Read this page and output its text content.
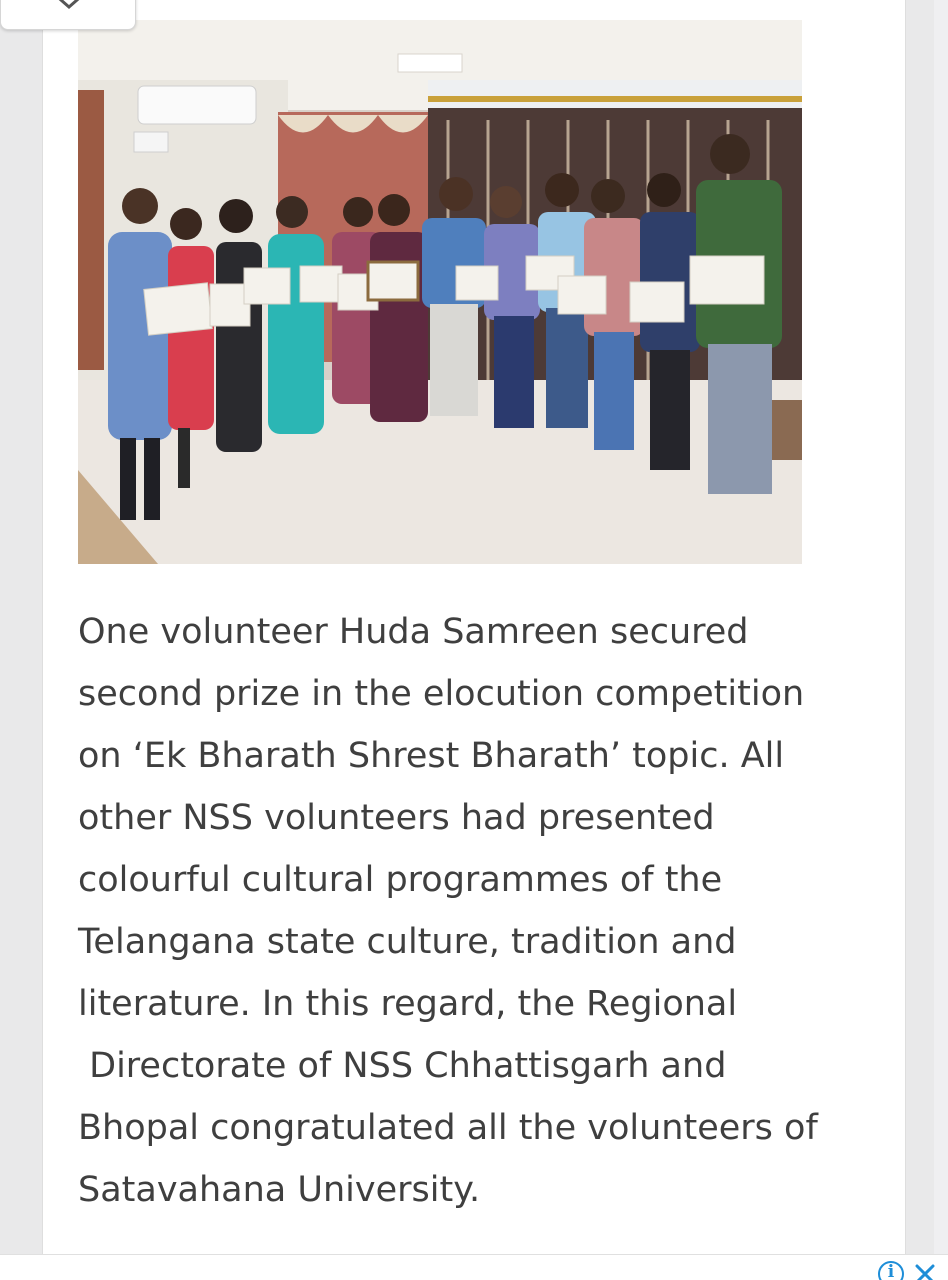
One volunteer Huda Samreen secured
second prize in the elocution competition
on ‘Ek Bharath Shrest Bharath’ topic. All
other NSS volunteers had presented
colourful cultural programmes of the
Telangana state culture, tradition and
literature. In this regard, the Regional
Directorate of NSS Chhattisgarh and
Bhopal congratulated all the volunteers of
Satavahana University.
i
